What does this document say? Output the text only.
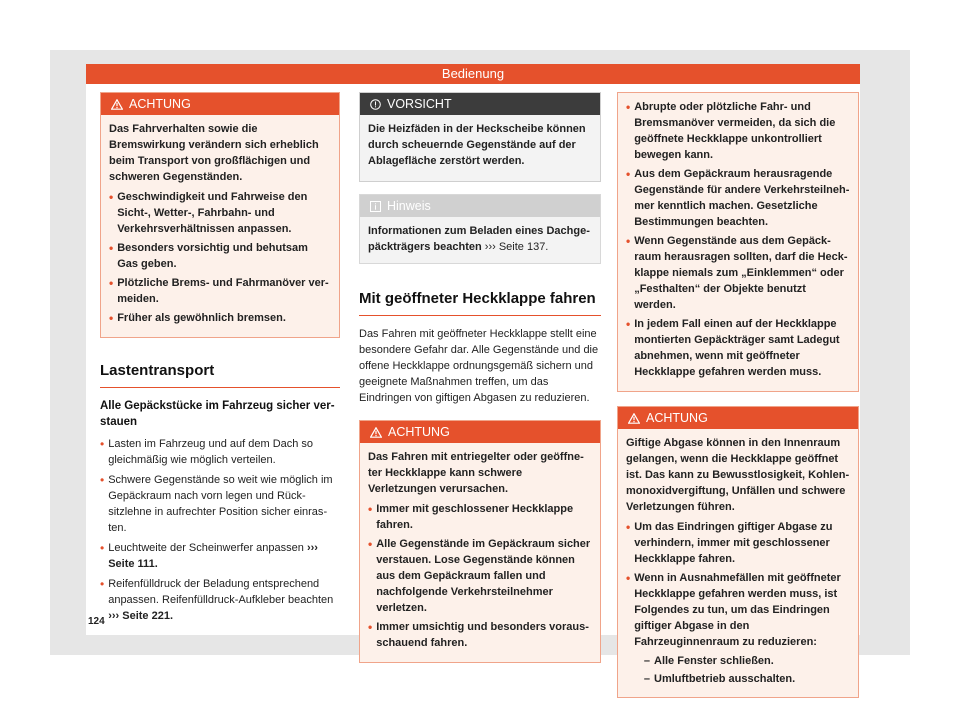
Bedienung
ACHTUNG

Das Fahrverhalten sowie die Bremswirkung verändern sich erheblich beim Transport von großflächigen und schweren Gegenständen.

• Geschwindigkeit und Fahrweise den Sicht-, Wetter-, Fahrbahn- und Verkehrsverhältnissen anpassen.
• Besonders vorsichtig und behutsam Gas geben.
• Plötzliche Brems- und Fahrmanöver vermeiden.
• Früher als gewöhnlich bremsen.
Lastentransport
Alle Gepäckstücke im Fahrzeug sicher verstauen
• Lasten im Fahrzeug und auf dem Dach so gleichmäßig wie möglich verteilen.
• Schwere Gegenstände so weit wie möglich im Gepäckraum nach vorn legen und Rücksitzlehne in aufrechter Position sicher einrasten.
• Leuchtweite der Scheinwerfer anpassen ››› Seite 111.
• Reifenfülldruck der Beladung entsprechend anpassen. Reifenfülldruck-Aufkleber beachten ››› Seite 221.
VORSICHT

Die Heizfäden in der Heckscheibe können durch scheuernde Gegenstände auf der Ablagefläche zerstört werden.

Hinweis
Informationen zum Beladen eines Dachgepäckträgers beachten ››› Seite 137.
Mit geöffneter Heckklappe fahren
Das Fahren mit geöffneter Heckklappe stellt eine besondere Gefahr dar. Alle Gegenstände und die offene Heckklappe ordnungsgemäß sichern und geeignete Maßnahmen treffen, um das Eindringen von giftigen Abgasen zu reduzieren.
ACHTUNG

Das Fahren mit entriegelter oder geöffneter Heckklappe kann schwere Verletzungen verursachen.

• Immer mit geschlossener Heckklappe fahren.
• Alle Gegenstände im Gepäckraum sicher verstauen. Lose Gegenstände können aus dem Gepäckraum fallen und nachfolgende Verkehrsteilnehmer verletzen.
• Immer umsichtig und besonders vorausschauend fahren.
• Abrupte oder plötzliche Fahr- und Bremsmanöver vermeiden, da sich die geöffnete Heckklappe unkontrolliert bewegen kann.
• Aus dem Gepäckraum herausragende Gegenstände für andere Verkehrsteilnehmer kenntlich machen. Gesetzliche Bestimmungen beachten.
• Wenn Gegenstände aus dem Gepäckraum herausragen sollten, darf die Heckklappe niemals zum „Einklemmen“ oder „Festhalten“ der Objekte benutzt werden.
• In jedem Fall einen auf der Heckklappe montierten Gepäckträger samt Ladegut abnehmen, wenn mit geöffneter Heckklappe gefahren werden muss.
ACHTUNG

Giftige Abgase können in den Innenraum gelangen, wenn die Heckklappe geöffnet ist. Das kann zu Bewusstlosigkeit, Kohlenmonoxidvergiftung, Unfällen und schwere Verletzungen führen.

• Um das Eindringen giftiger Abgase zu verhindern, immer mit geschlossener Heckklappe fahren.
• Wenn in Ausnahmefällen mit geöffneter Heckklappe gefahren werden muss, ist Folgendes zu tun, um das Eindringen giftiger Abgase in den Fahrzeuginnenraum zu reduzieren:
– Alle Fenster schließen.
– Umluftbetrieb ausschalten.
124
